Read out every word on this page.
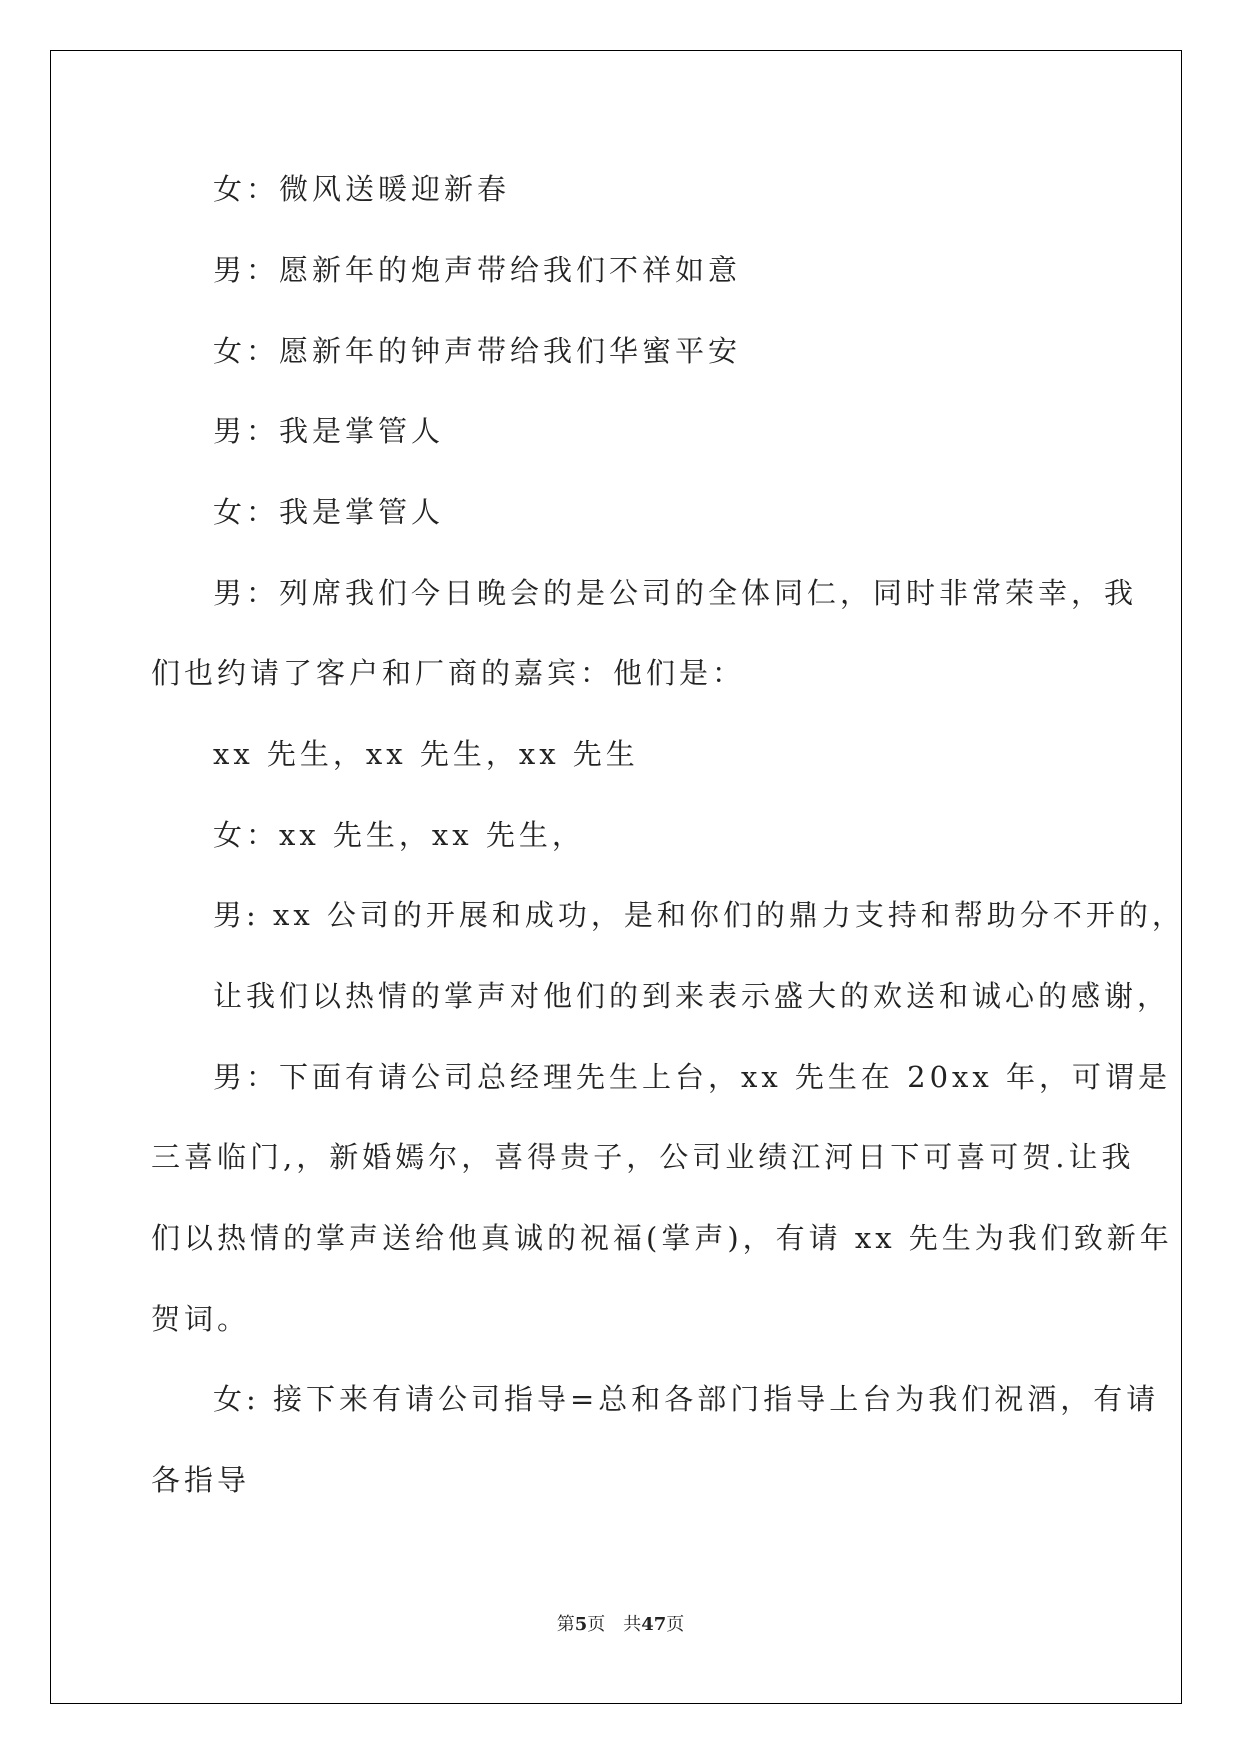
女：微风送暖迎新春
男：愿新年的炮声带给我们不祥如意
女：愿新年的钟声带给我们华蜜平安
男：我是掌管人
女：我是掌管人
男：列席我们今日晚会的是公司的全体同仁，同时非常荣幸，我
们也约请了客户和厂商的嘉宾：他们是：
xx 先生，xx 先生，xx 先生
女：xx 先生，xx 先生，
男: xx 公司的开展和成功，是和你们的鼎力支持和帮助分不开的，
让我们以热情的掌声对他们的到来表示盛大的欢送和诚心的感谢，
男：下面有请公司总经理先生上台，xx 先生在 20xx 年，可谓是
三喜临门,，新婚嫣尔，喜得贵子，公司业绩江河日下可喜可贺.让我
们以热情的掌声送给他真诚的祝福(掌声)，有请 xx 先生为我们致新年
贺词。
女: 接下来有请公司指导=总和各部门指导上台为我们祝酒，有请
各指导
第5页　共47页
